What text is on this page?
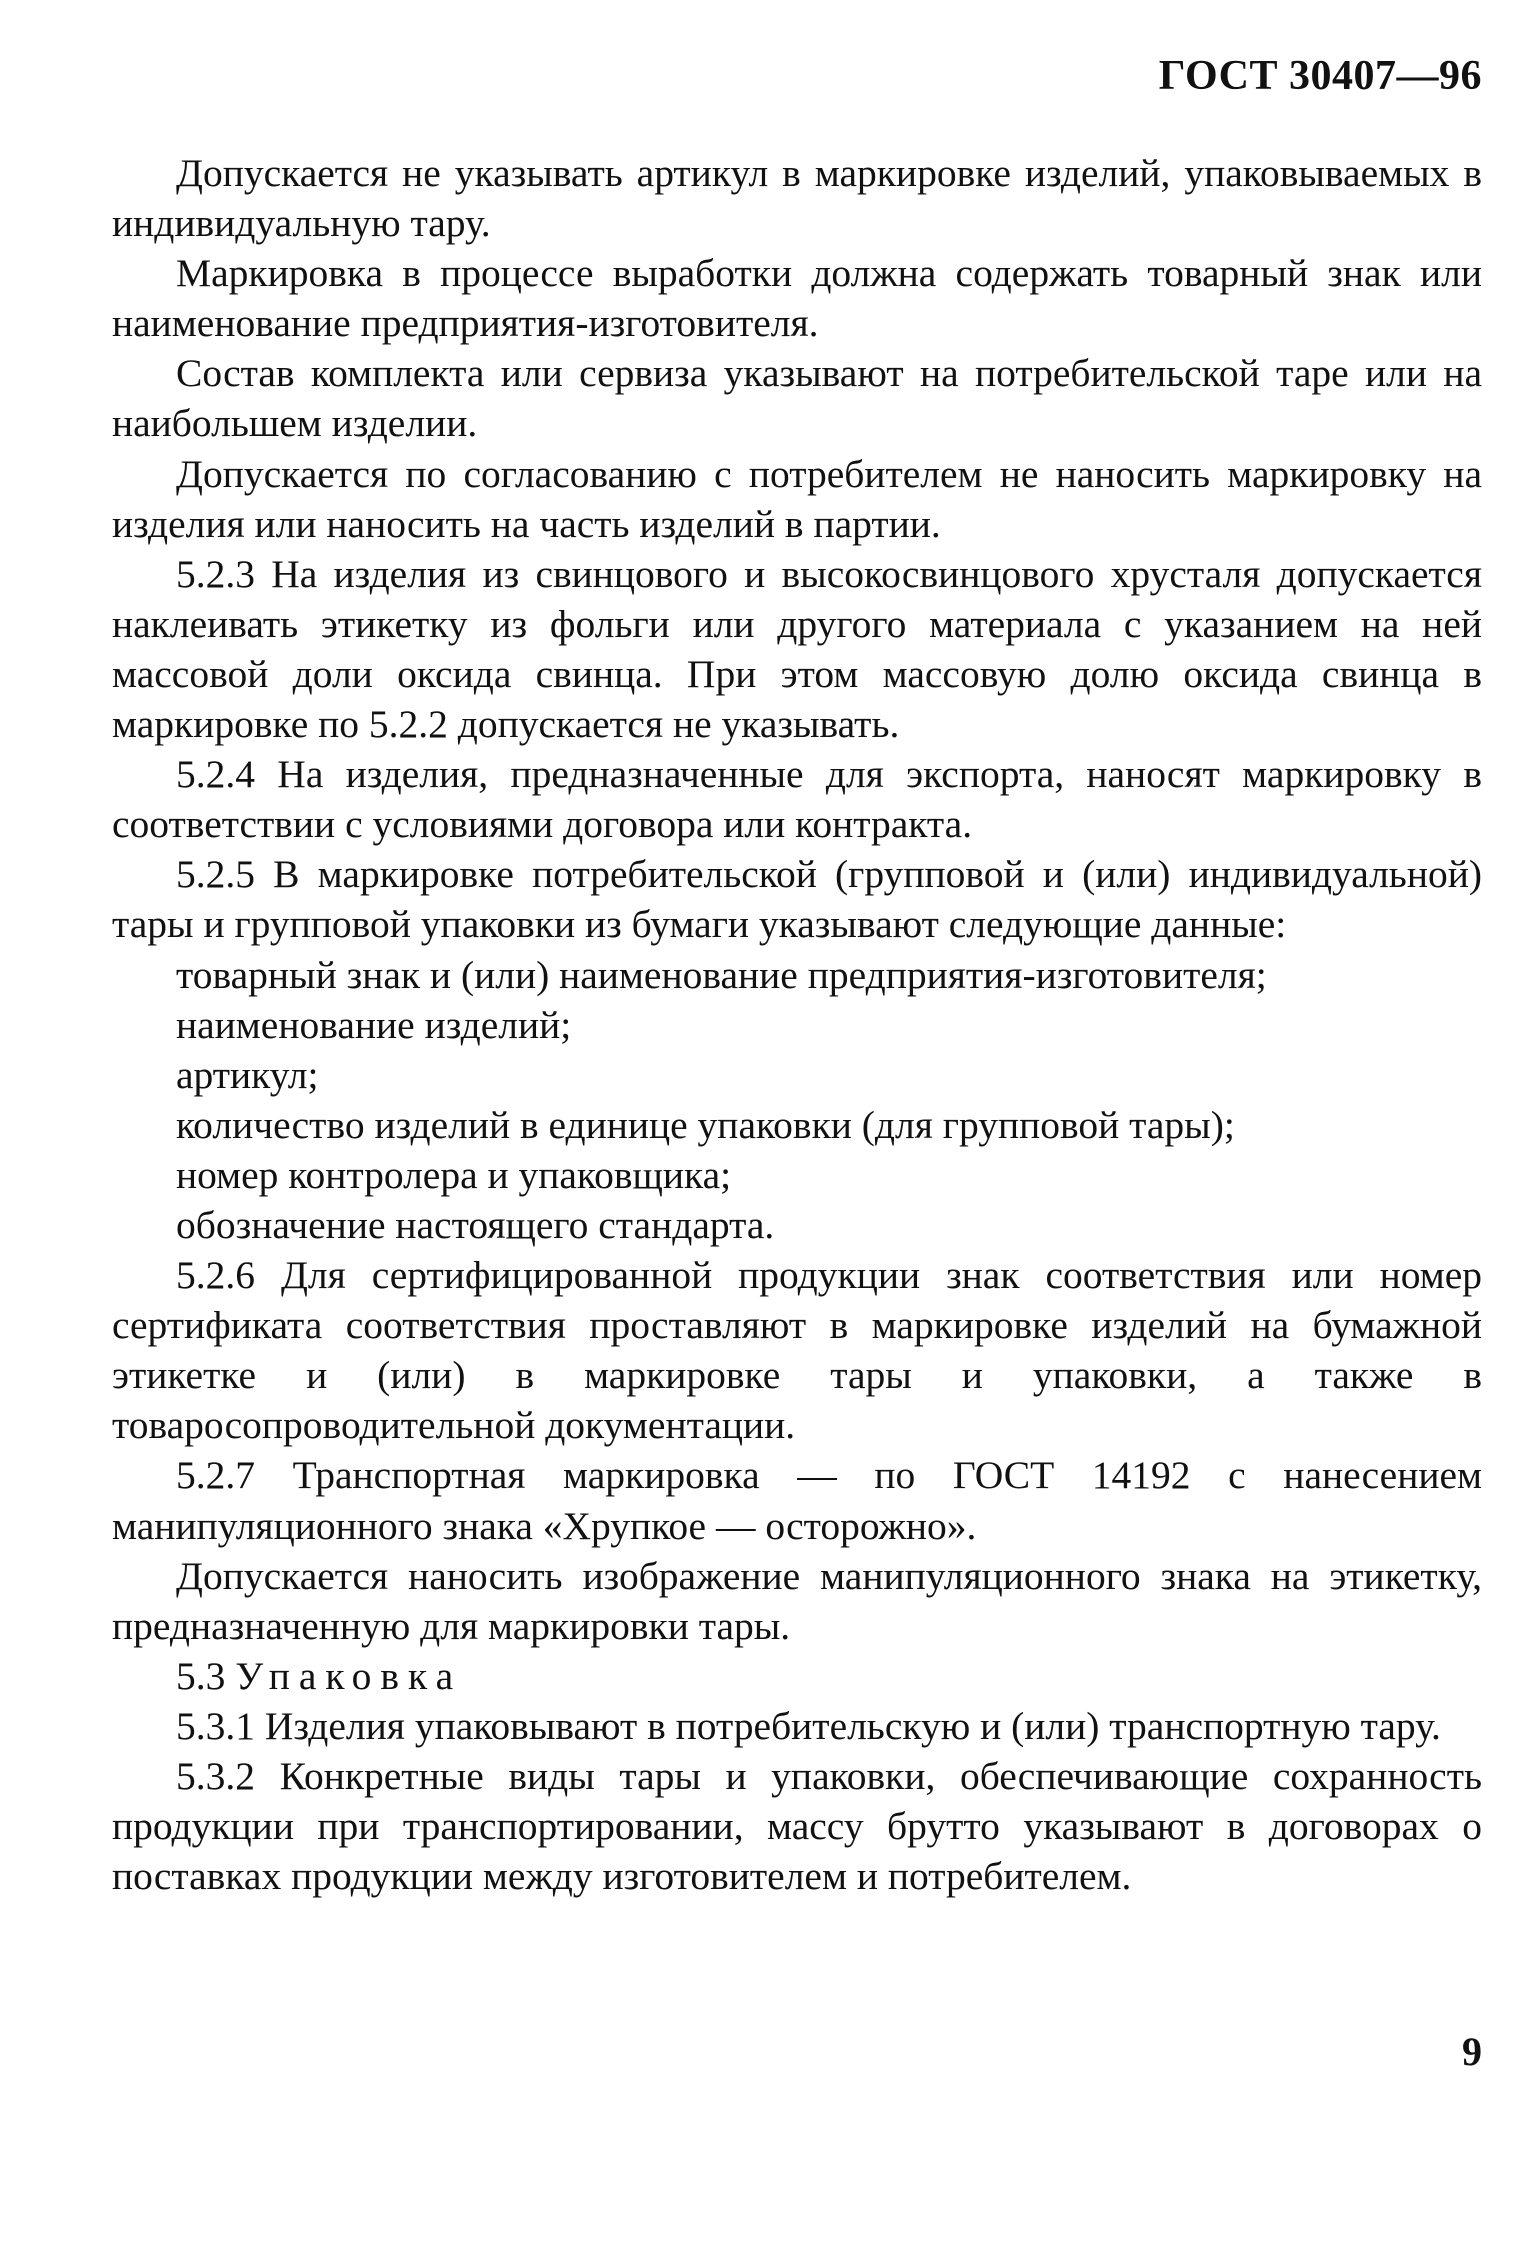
ГОСТ 30407—96

Допускается не указывать артикул в маркировке изделий, упаковываемых в индивидуальную тару.

Маркировка в процессе выработки должна содержать товарный знак или наименование предприятия-изготовителя.

Состав комплекта или сервиза указывают на потребительской таре или на наибольшем изделии.

Допускается по согласованию с потребителем не наносить маркировку на изделия или наносить на часть изделий в партии.

5.2.3 На изделия из свинцового и высокосвинцового хрусталя допускается наклеивать этикетку из фольги или другого материала с указанием на ней массовой доли оксида свинца. При этом массовую долю оксида свинца в маркировке по 5.2.2 допускается не указывать.

5.2.4 На изделия, предназначенные для экспорта, наносят маркировку в соответствии с условиями договора или контракта.

5.2.5 В маркировке потребительской (групповой и (или) индивидуальной) тары и групповой упаковки из бумаги указывают следующие данные:

товарный знак и (или) наименование предприятия-изготовителя;

наименование изделий;

артикул;

количество изделий в единице упаковки (для групповой тары);

номер контролера и упаковщика;

обозначение настоящего стандарта.

5.2.6 Для сертифицированной продукции знак соответствия или номер сертификата соответствия проставляют в маркировке изделий на бумажной этикетке и (или) в маркировке тары и упаковки, а также в товаросопроводительной документации.

5.2.7 Транспортная маркировка — по ГОСТ 14192 с нанесением манипуляционного знака «Хрупкое — осторожно».

Допускается наносить изображение манипуляционного знака на этикетку, предназначенную для маркировки тары.

5.3 Упаковка

5.3.1 Изделия упаковывают в потребительскую и (или) транспортную тару.

5.3.2 Конкретные виды тары и упаковки, обеспечивающие сохранность продукции при транспортировании, массу брутто указывают в договорах о поставках продукции между изготовителем и потребителем.

9
